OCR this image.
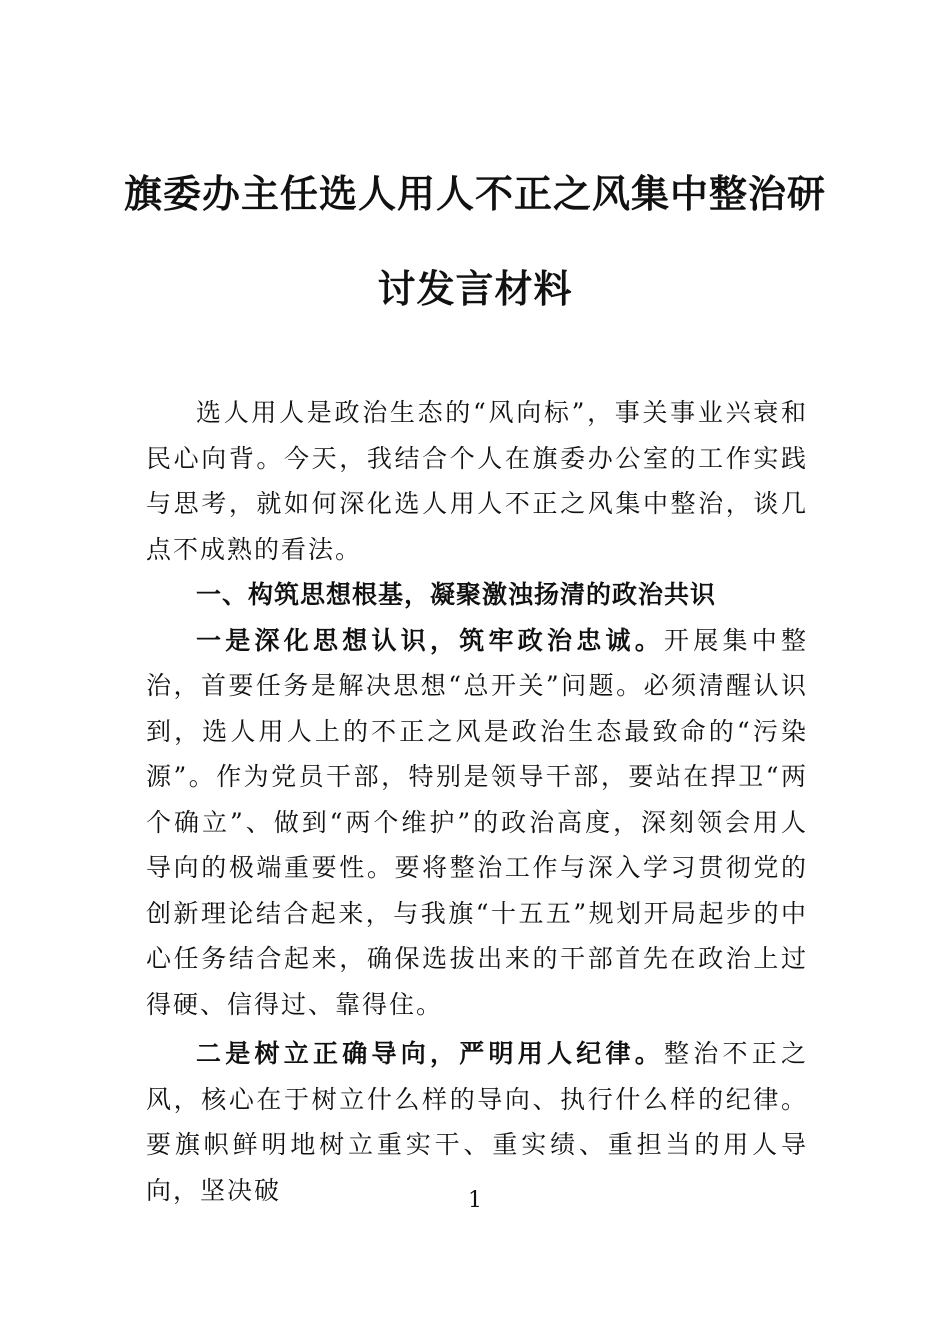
旗委办主任选人用人不正之风集中整治研
讨发言材料

选人用人是政治生态的“风向标”，事关事业兴衰和民心向背。今天，我结合个人在旗委办公室的工作实践与思考，就如何深化选人用人不正之风集中整治，谈几点不成熟的看法。

一、构筑思想根基，凝聚激浊扬清的政治共识

一是深化思想认识，筑牢政治忠诚。开展集中整治，首要任务是解决思想“总开关”问题。必须清醒认识到，选人用人上的不正之风是政治生态最致命的“污染源”。作为党员干部，特别是领导干部，要站在捍卫“两个确立”、做到“两个维护”的政治高度，深刻领会用人导向的极端重要性。要将整治工作与深入学习贯彻党的创新理论结合起来，与我旗“十五五”规划开局起步的中心任务结合起来，确保选拔出来的干部首先在政治上过得硬、信得过、靠得住。

二是树立正确导向，严明用人纪律。整治不正之风，核心在于树立什么样的导向、执行什么样的纪律。要旗帜鲜明地树立重实干、重实绩、重担当的用人导向，坚决破	1
